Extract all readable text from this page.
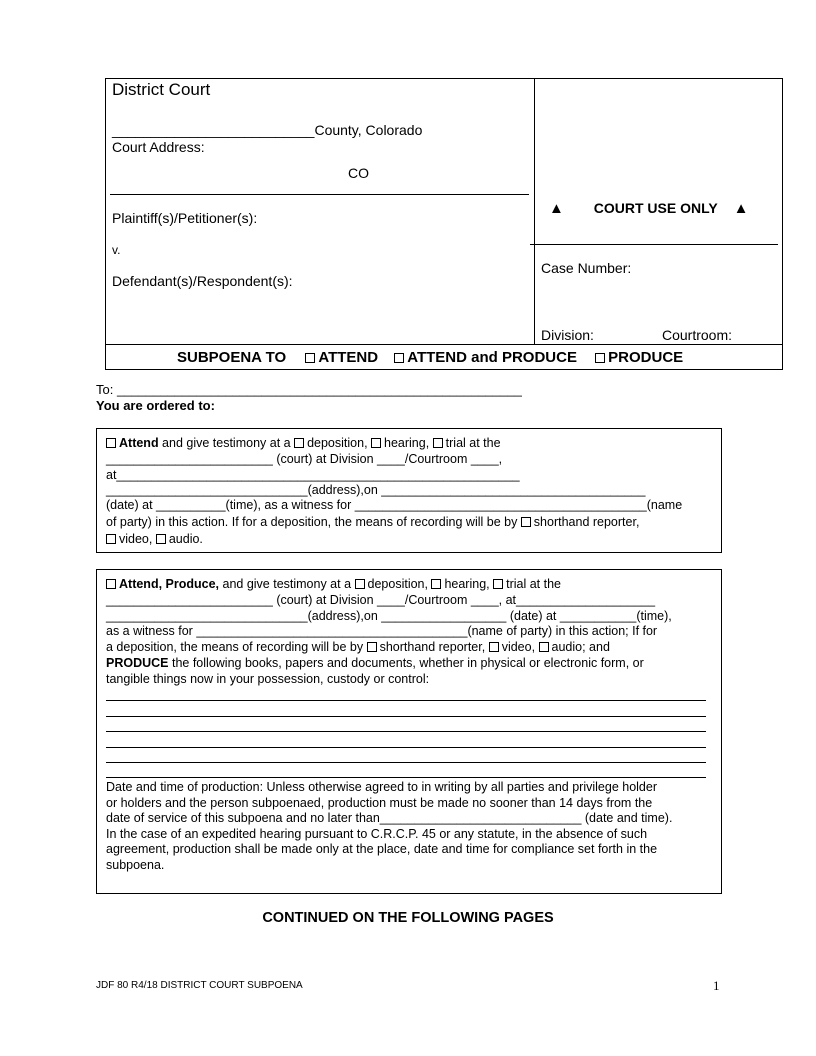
District Court
__________________________County, Colorado
Court Address:
CO
Plaintiff(s)/Petitioner(s):
v.
Defendant(s)/Respondent(s):
▲ COURT USE ONLY ▲
Case Number:
Division:	Courtroom:
SUBPOENA TO ATTEND ATTEND and PRODUCE PRODUCE
To: ________________________________________________________
You are ordered to:
Attend and give testimony at a deposition, hearing, trial at the
________________________ (court) at Division ____/Courtroom ____,
at__________________________________________________________
_____________________________(address),on ______________________________________
(date) at __________(time), as a witness for __________________________________________(name
of party) in this action. If for a deposition, the means of recording will be by shorthand reporter,
video, audio.
Attend, Produce, and give testimony at a deposition, hearing, trial at the
________________________ (court) at Division ____/Courtroom ____, at____________________
_____________________________(address),on __________________ (date) at ___________(time),
as a witness for _______________________________________(name of party) in this action; If for
a deposition, the means of recording will be by shorthand reporter, video, audio; and
PRODUCE the following books, papers and documents, whether in physical or electronic form, or
tangible things now in your possession, custody or control:
Date and time of production: Unless otherwise agreed to in writing by all parties and privilege holder
or holders and the person subpoenaed, production must be made no sooner than 14 days from the
date of service of this subpoena and no later than_____________________________ (date and time).
In the case of an expedited hearing pursuant to C.R.C.P. 45 or any statute, in the absence of such
agreement, production shall be made only at the place, date and time for compliance set forth in the
subpoena.
CONTINUED ON THE FOLLOWING PAGES
JDF 80 R4/18 DISTRICT COURT SUBPOENA	1
